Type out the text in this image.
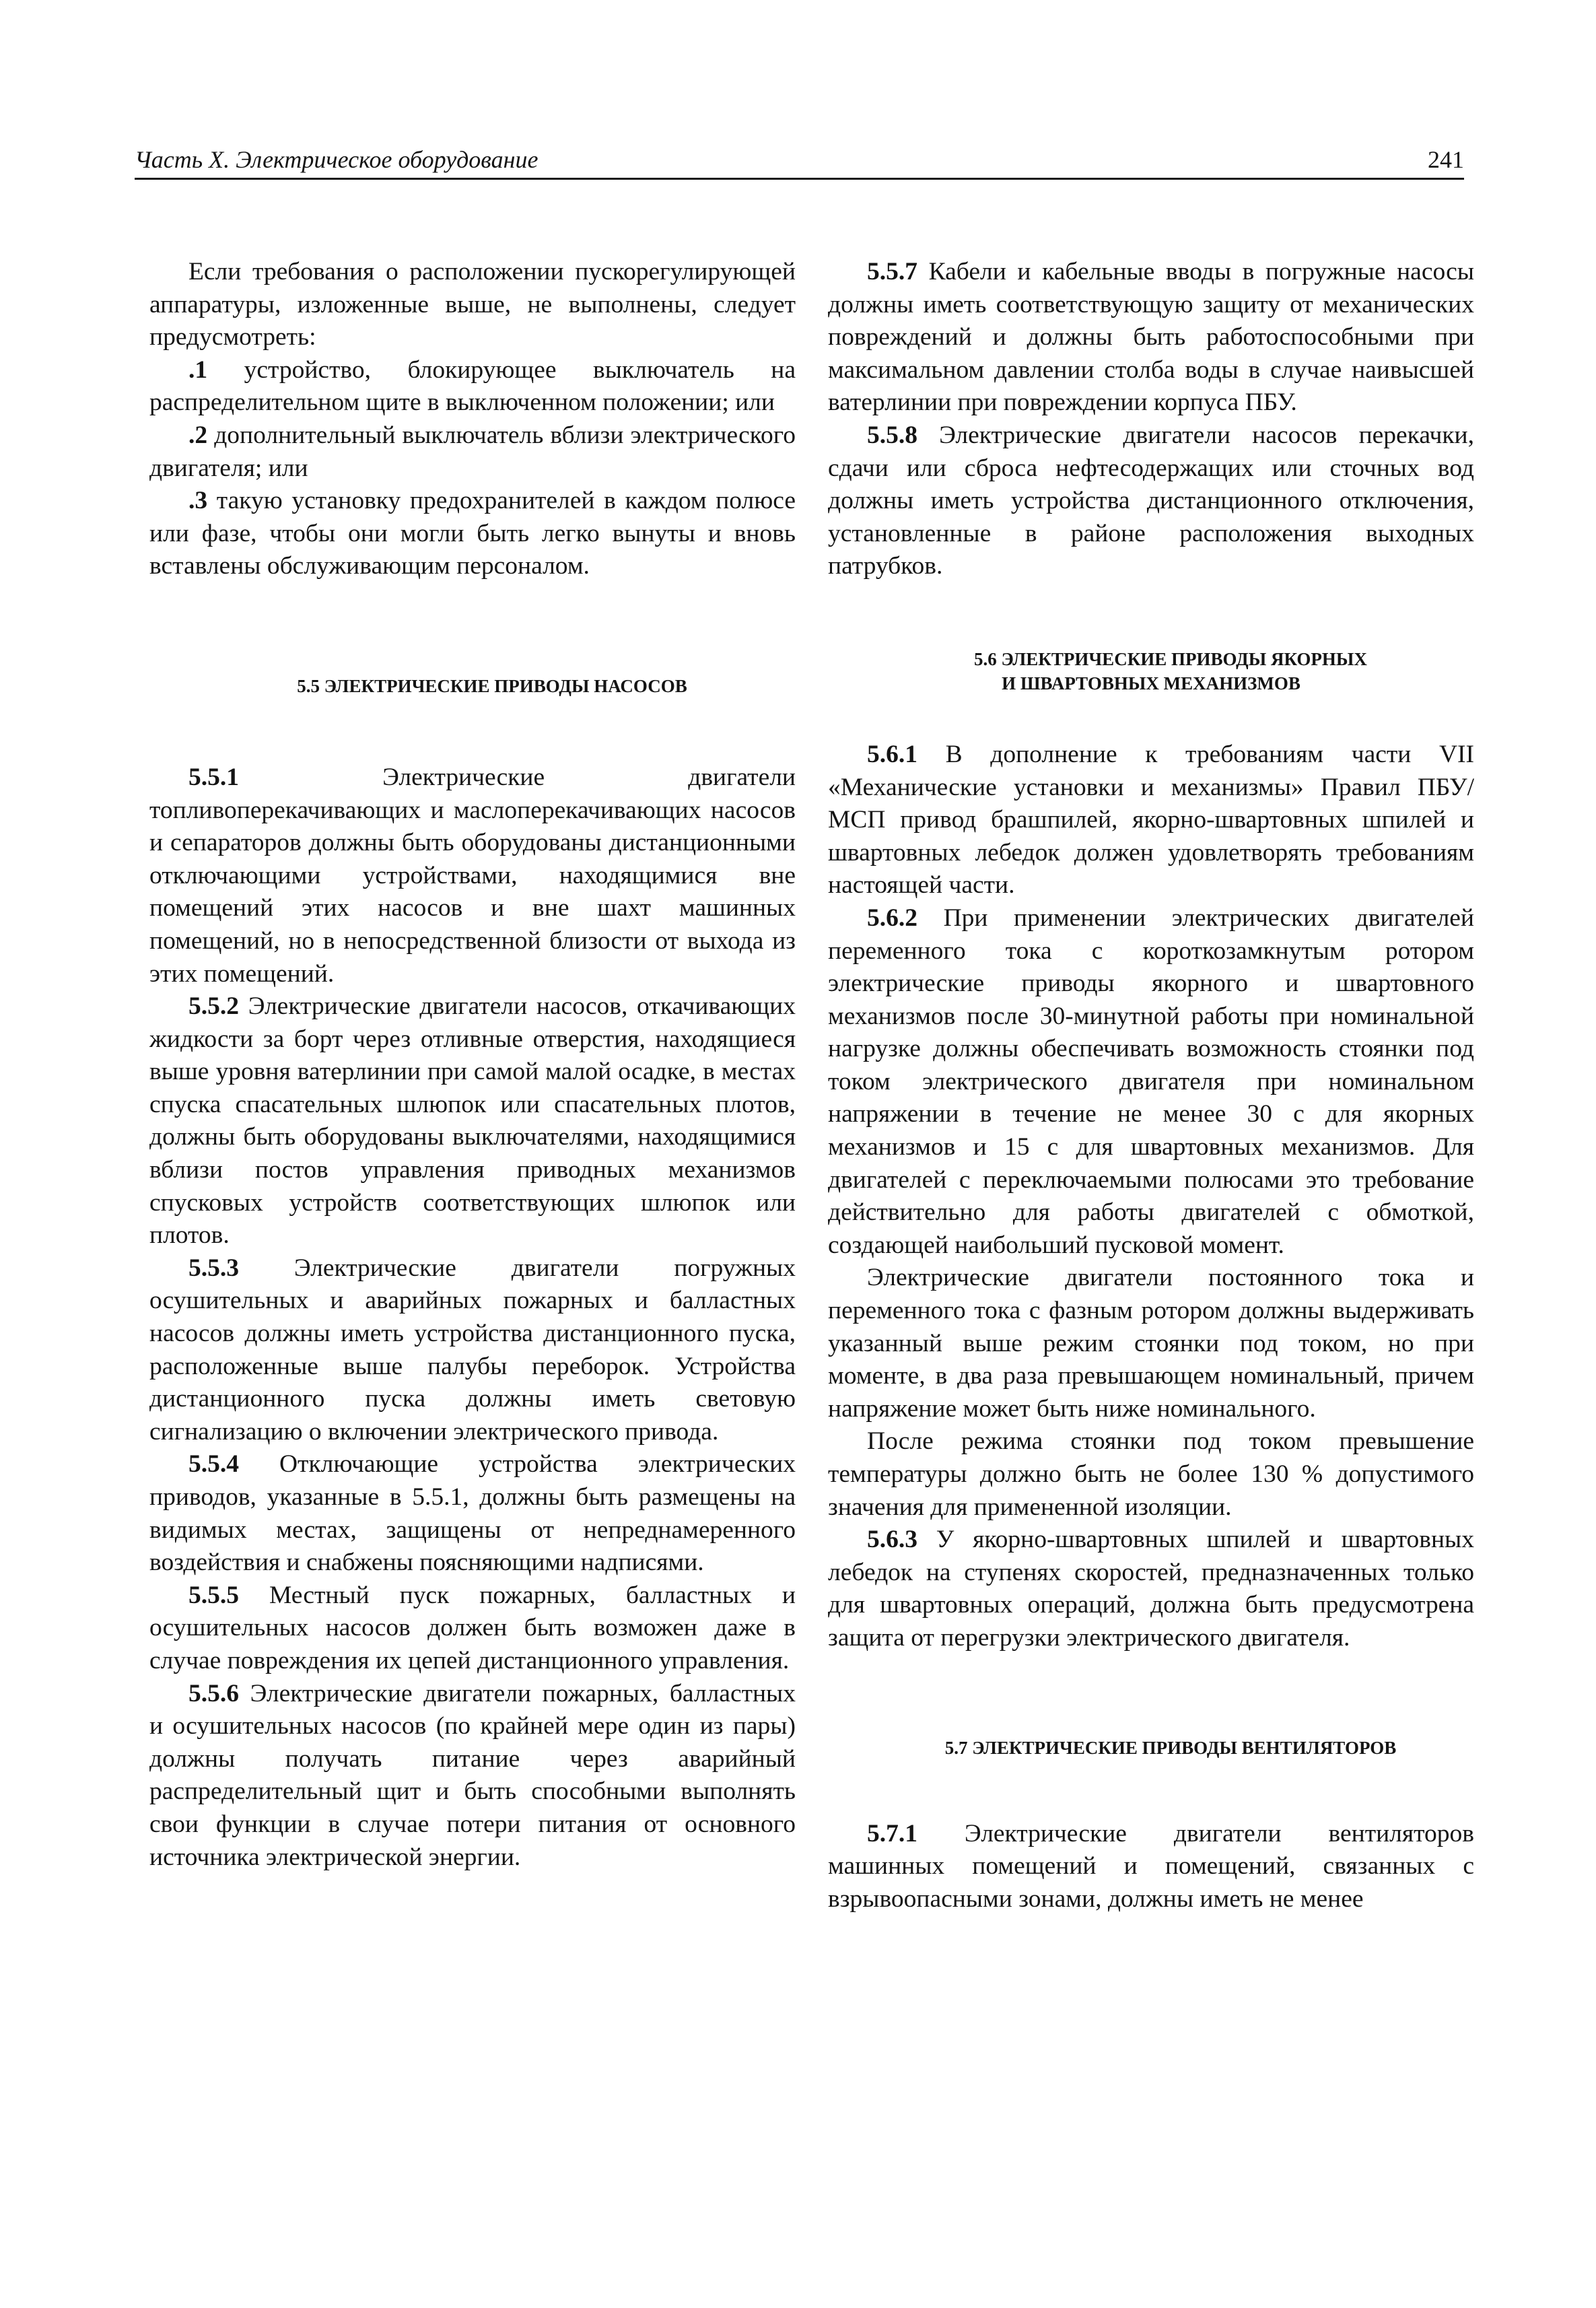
Часть X. Электрическое оборудование	241

Если требования о расположении пускорегулирующей аппаратуры, изложенные выше, не выполнены, следует предусмотреть:

.1 устройство, блокирующее выключатель на распределительном щите в выключенном положении; или

.2 дополнительный выключатель вблизи электрического двигателя; или

.3 такую установку предохранителей в каждом полюсе или фазе, чтобы они могли быть легко вынуты и вновь вставлены обслуживающим персоналом.

5.5 ЭЛЕКТРИЧЕСКИЕ ПРИВОДЫ НАСОСОВ

5.5.1 Электрические двигатели топливоперекачивающих и маслоперекачивающих насосов и сепараторов должны быть оборудованы дистанционными отключающими устройствами, находящимися вне помещений этих насосов и вне шахт машинных помещений, но в непосредственной близости от выхода из этих помещений.

5.5.2 Электрические двигатели насосов, откачивающих жидкости за борт через отливные отверстия, находящиеся выше уровня ватерлинии при самой малой осадке, в местах спуска спасательных шлюпок или спасательных плотов, должны быть оборудованы выключателями, находящимися вблизи постов управления приводных механизмов спусковых устройств соответствующих шлюпок или плотов.

5.5.3 Электрические двигатели погружных осушительных и аварийных пожарных и балластных насосов должны иметь устройства дистанционного пуска, расположенные выше палубы переборок. Устройства дистанционного пуска должны иметь световую сигнализацию о включении электрического привода.

5.5.4 Отключающие устройства электрических приводов, указанные в 5.5.1, должны быть размещены на видимых местах, защищены от непреднамеренного воздействия и снабжены поясняющими надписями.

5.5.5 Местный пуск пожарных, балластных и осушительных насосов должен быть возможен даже в случае повреждения их цепей дистанционного управления.

5.5.6 Электрические двигатели пожарных, балластных и осушительных насосов (по крайней мере один из пары) должны получать питание через аварийный распределительный щит и быть способными выполнять свои функции в случае потери питания от основного источника электрической энергии.

5.5.7 Кабели и кабельные вводы в погружные насосы должны иметь соответствующую защиту от механических повреждений и должны быть работоспособными при максимальном давлении столба воды в случае наивысшей ватерлинии при повреждении корпуса ПБУ.

5.5.8 Электрические двигатели насосов перекачки, сдачи или сброса нефтесодержащих или сточных вод должны иметь устройства дистанционного отключения, установленные в районе расположения выходных патрубков.

5.6 ЭЛЕКТРИЧЕСКИЕ ПРИВОДЫ ЯКОРНЫХ
И ШВАРТОВНЫХ МЕХАНИЗМОВ

5.6.1 В дополнение к требованиям части VII «Механические установки и механизмы» Правил ПБУ/МСП привод брашпилей, якорно-швартовных шпилей и швартовных лебедок должен удовлетворять требованиям настоящей части.

5.6.2 При применении электрических двигателей переменного тока с короткозамкнутым ротором электрические приводы якорного и швартовного механизмов после 30-минутной работы при номинальной нагрузке должны обеспечивать возможность стоянки под током электрического двигателя при номинальном напряжении в течение не менее 30 с для якорных механизмов и 15 с для швартовных механизмов. Для двигателей с переключаемыми полюсами это требование действительно для работы двигателей с обмоткой, создающей наибольший пусковой момент.

Электрические двигатели постоянного тока и переменного тока с фазным ротором должны выдерживать указанный выше режим стоянки под током, но при моменте, в два раза превышающем номинальный, причем напряжение может быть ниже номинального.

После режима стоянки под током превышение температуры должно быть не более 130 % допустимого значения для примененной изоляции.

5.6.3 У якорно-швартовных шпилей и швартовных лебедок на ступенях скоростей, предназначенных только для швартовных операций, должна быть предусмотрена защита от перегрузки электрического двигателя.

5.7 ЭЛЕКТРИЧЕСКИЕ ПРИВОДЫ ВЕНТИЛЯТОРОВ

5.7.1 Электрические двигатели вентиляторов машинных помещений и помещений, связанных с взрывоопасными зонами, должны иметь не менее
